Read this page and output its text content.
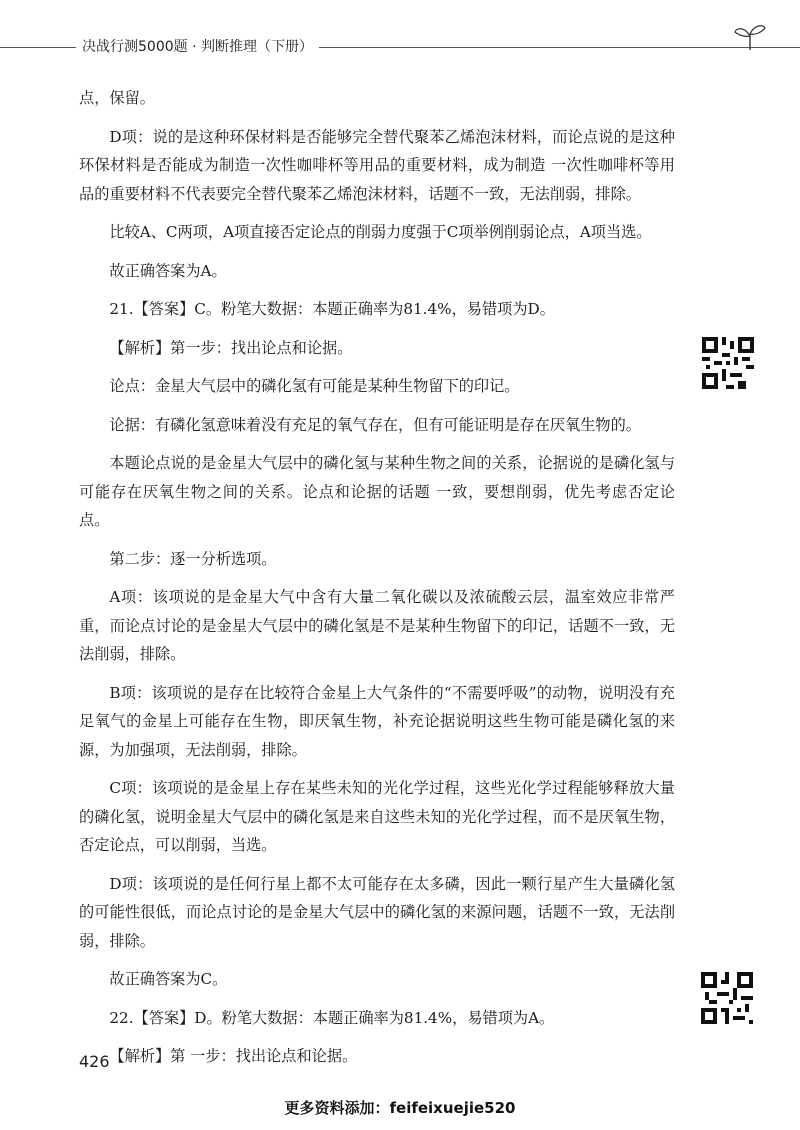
决战行测5000题 · 判断推理（下册）

点，保留。

D项：说的是这种环保材料是否能够完全替代聚苯乙烯泡沫材料，而论点说的是这种环保材料是否能成为制造一次性咖啡杯等用品的重要材料，成为制造 一次性咖啡杯等用品的重要材料不代表要完全替代聚苯乙烯泡沫材料，话题不一致，无法削弱，排除。

比较A、C两项，A项直接否定论点的削弱力度强于C项举例削弱论点，A项当选。

故正确答案为A。

21.【答案】C。粉笔大数据：本题正确率为81.4%，易错项为D。

【解析】第一步：找出论点和论据。

论点：金星大气层中的磷化氢有可能是某种生物留下的印记。

论据：有磷化氢意味着没有充足的氧气存在，但有可能证明是存在厌氧生物的。

本题论点说的是金星大气层中的磷化氢与某种生物之间的关系，论据说的是磷化氢与可能存在厌氧生物之间的关系。论点和论据的话题 一致，要想削弱，优先考虑否定论点。

第二步：逐一分析选项。

A项：该项说的是金星大气中含有大量二氧化碳以及浓硫酸云层，温室效应非常严重，而论点讨论的是金星大气层中的磷化氢是不是某种生物留下的印记，话题不一致，无法削弱，排除。

B项：该项说的是存在比较符合金星上大气条件的“不需要呼吸”的动物，说明没有充足氧气的金星上可能存在生物，即厌氧生物，补充论据说明这些生物可能是磷化氢的来源，为加强项，无法削弱，排除。

C项：该项说的是金星上存在某些未知的光化学过程，这些光化学过程能够释放大量的磷化氢，说明金星大气层中的磷化氢是来自这些未知的光化学过程，而不是厌氧生物，否定论点，可以削弱，当选。

D项：该项说的是任何行星上都不太可能存在太多磷，因此一颗行星产生大量磷化氢的可能性很低，而论点讨论的是金星大气层中的磷化氢的来源问题，话题不一致，无法削弱，排除。

故正确答案为C。

22.【答案】D。粉笔大数据：本题正确率为81.4%，易错项为A。

【解析】第 一步：找出论点和论据。

426
更多资料添加：feifeixuejie520
